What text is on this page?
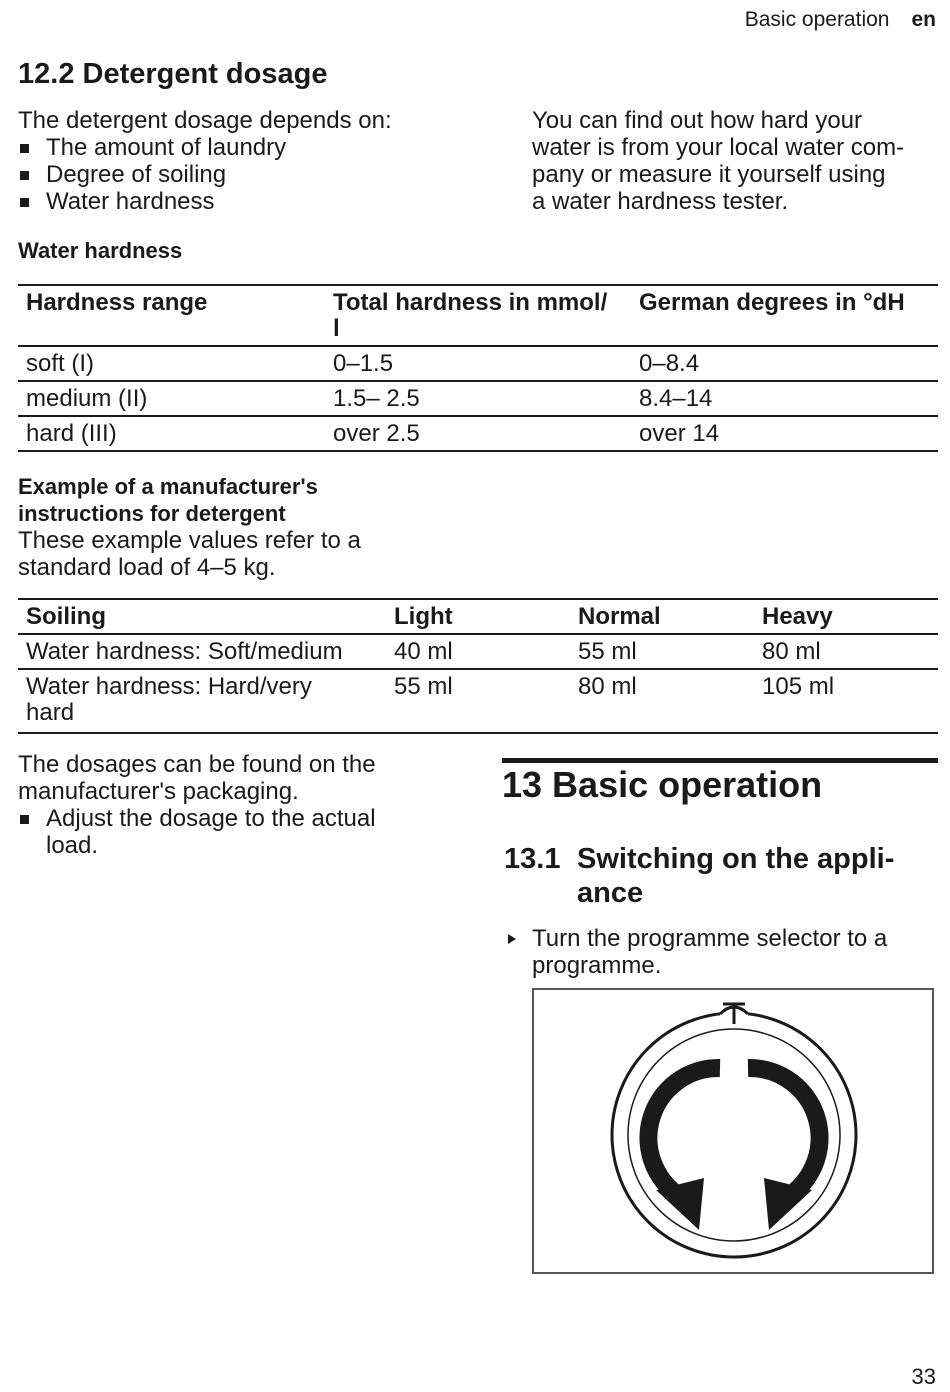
Basic operation en
12.2 Detergent dosage
The detergent dosage depends on:
The amount of laundry
Degree of soiling
Water hardness
You can find out how hard your
water is from your local water com-
pany or measure it yourself using
a water hardness tester.
Water hardness
Hardness range	Total hardness in mmol/
l	German degrees in °dH
soft (I)	0–1.5	0–8.4
medium (II)	1.5– 2.5	8.4–14
hard (III)	over 2.5	over 14
Example of a manufacturer's
instructions for detergent
These example values refer to a
standard load of 4–5 kg.
Soiling	Light	Normal	Heavy
Water hardness: Soft/medium	40 ml	55 ml	80 ml
Water hardness: Hard/very
hard	55 ml	80 ml	105 ml
The dosages can be found on the
manufacturer's packaging.
Adjust the dosage to the actual
load.
13 Basic operation
13.1 Switching on the appli-
ance
Turn the programme selector to a
programme.
33
